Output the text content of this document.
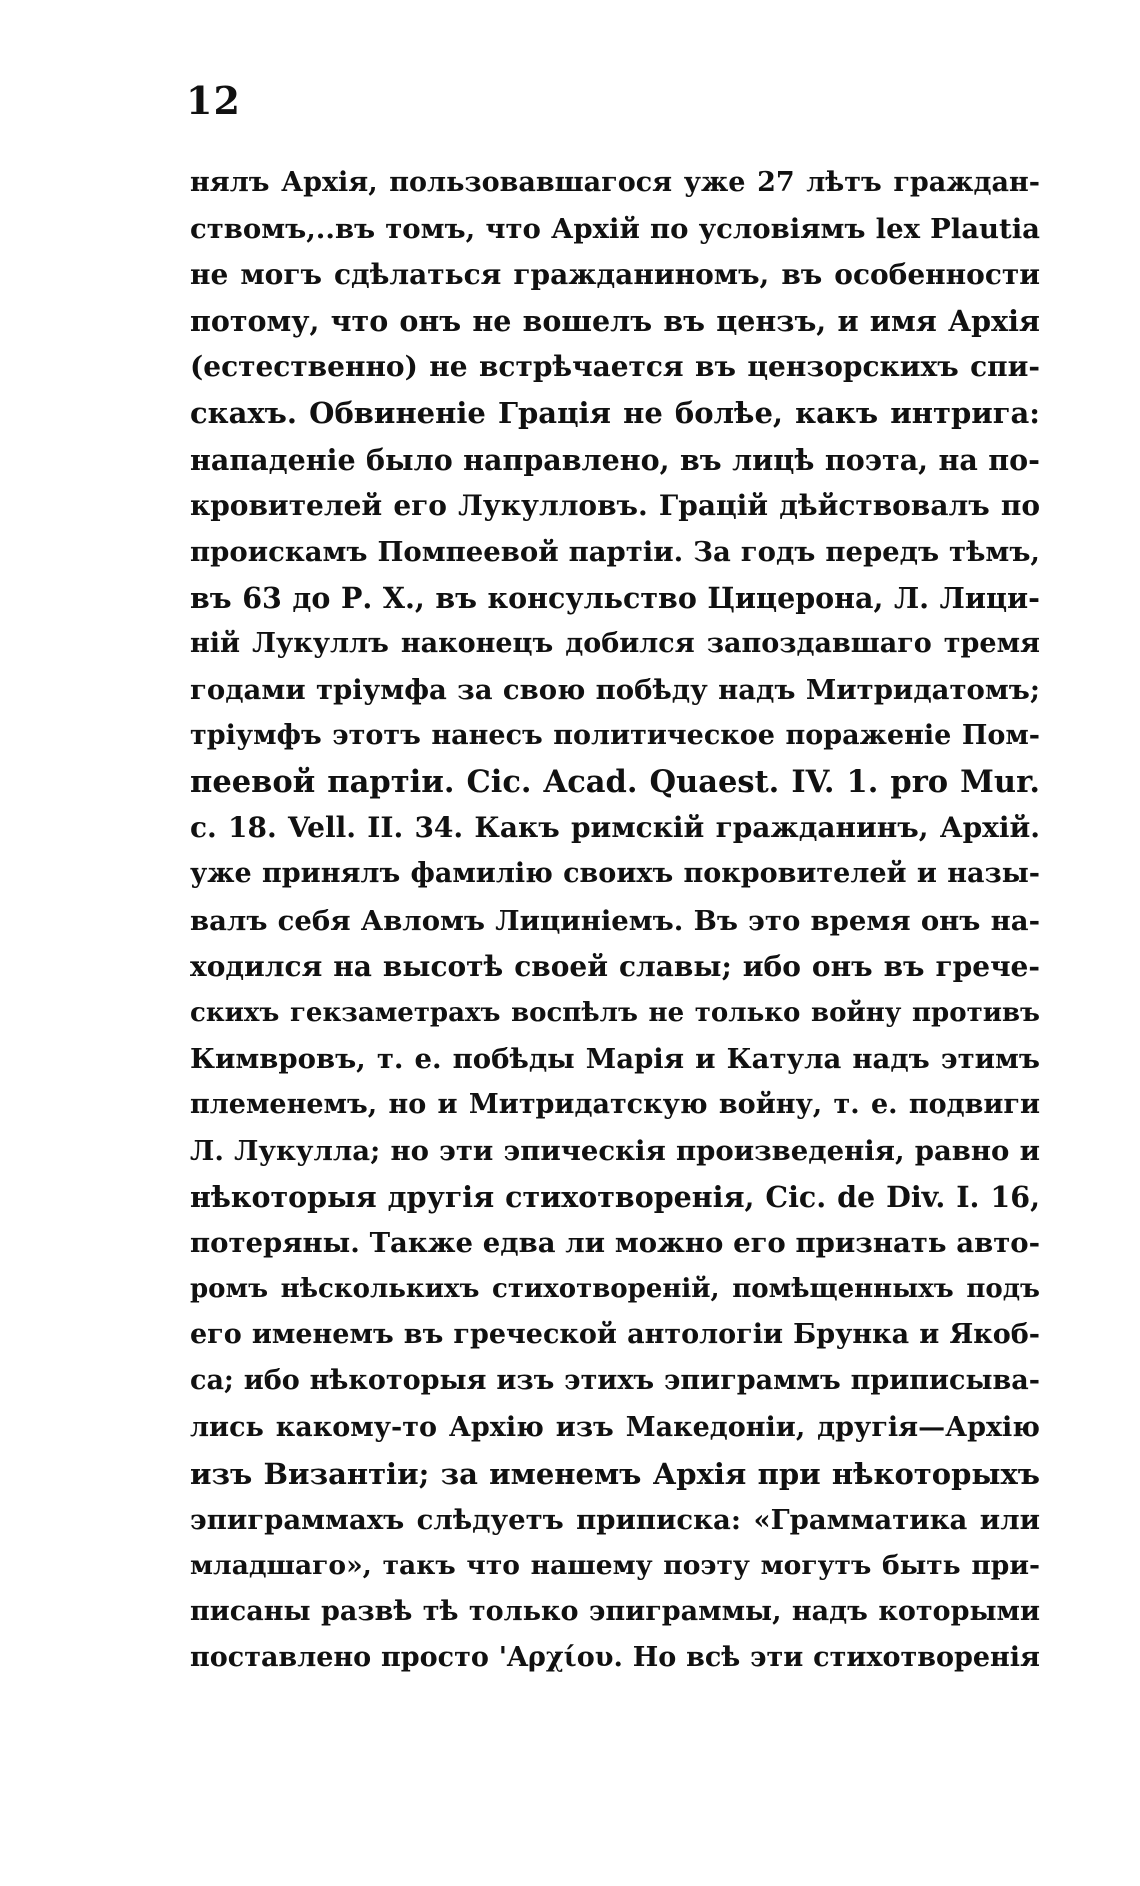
12
нялъ Архія, пользовавшагося уже 27 лѣтъ граждан-
ствомъ,..въ томъ, что Архій по условіямъ lex Plautia
не могъ сдѣлаться гражданиномъ, въ особенности
потому, что онъ не вошелъ въ цензъ, и имя Архія
(естественно) не встрѣчается въ цензорскихъ спи-
скахъ. Обвиненіе Грація не болѣе, какъ интрига:
нападеніе было направлено, въ лицѣ поэта, на по-
кровителей его Лукулловъ. Грацій дѣйствовалъ по
проискамъ Помпеевой партіи. За годъ передъ тѣмъ,
въ 63 до Р. Х., въ консульство Цицерона, Л. Лици-
ній Лукуллъ наконецъ добился запоздавшаго тремя
годами тріумфа за свою побѣду надъ Митридатомъ;
тріумфъ этотъ нанесъ политическое пораженіе Пом-
пеевой партіи. Cic. Acad. Quaest. IV. 1. pro Mur.
c. 18. Vell. II. 34. Какъ римскій гражданинъ, Архій.
уже принялъ фамилію своихъ покровителей и назы-
валъ себя Авломъ Лициніемъ. Въ это время онъ на-
ходился на высотѣ своей славы; ибо онъ въ грече-
скихъ гекзаметрахъ воспѣлъ не только войну противъ
Кимвровъ, т. е. побѣды Марія и Катула надъ этимъ
племенемъ, но и Митридатскую войну, т. е. подвиги
Л. Лукулла; но эти эпическія произведенія, равно и
нѣкоторыя другія стихотворенія, Cic. de Div. I. 16,
потеряны. Также едва ли можно его признать авто-
ромъ нѣсколькихъ стихотвореній, помѣщенныхъ подъ
его именемъ въ греческой антологіи Брунка и Якоб-
са; ибо нѣкоторыя изъ этихъ эпиграммъ приписыва-
лись какому-то Архію изъ Македоніи, другія—Архію
изъ Византіи; за именемъ Архія при нѣкоторыхъ
эпиграммахъ слѣдуетъ приписка: «Грамматика или
младшаго», такъ что нашему поэту могутъ быть при-
писаны развѣ тѣ только эпиграммы, надъ которыми
поставлено просто 'Αρχίου. Но всѣ эти стихотворенія
